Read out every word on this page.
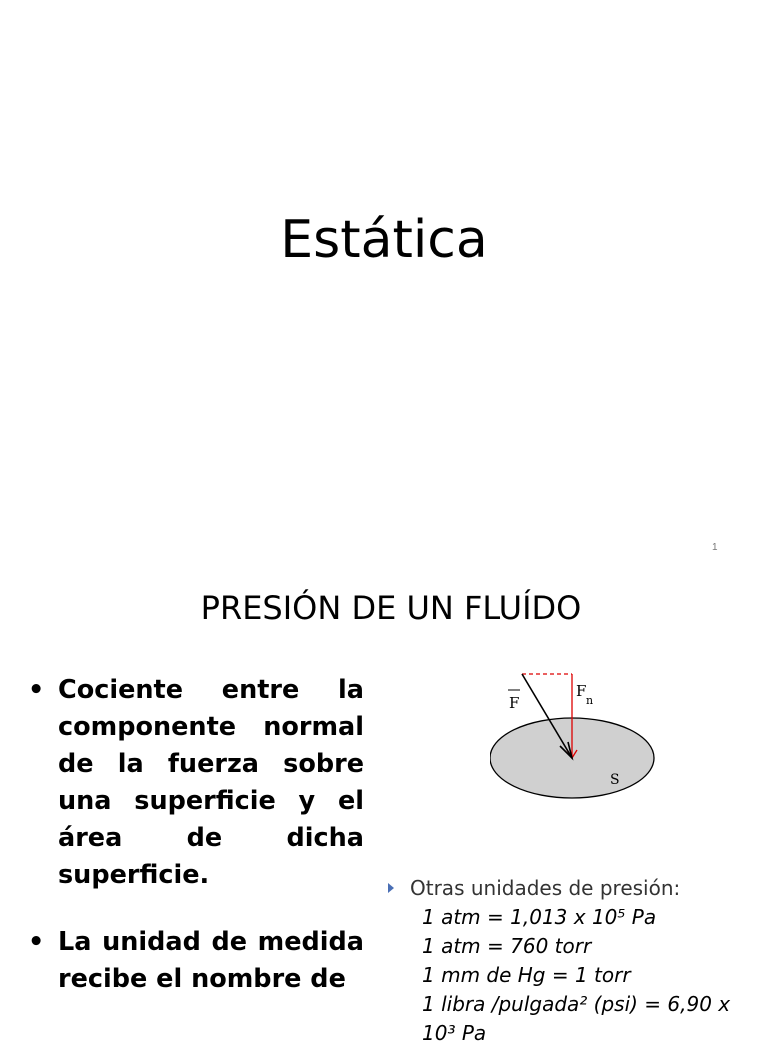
Estática
1
PRESIÓN DE UN FLUÍDO
• Cociente entre la componente normal de la fuerza sobre una superficie y el área de dicha superficie.
• La unidad de medida recibe el nombre de
F
F
n
S
Otras unidades de presión:
1 atm = 1,013 x 10⁵ Pa
1 atm = 760 torr
1 mm de Hg = 1 torr
1 libra /pulgada² (psi) = 6,90 x
10³ Pa
